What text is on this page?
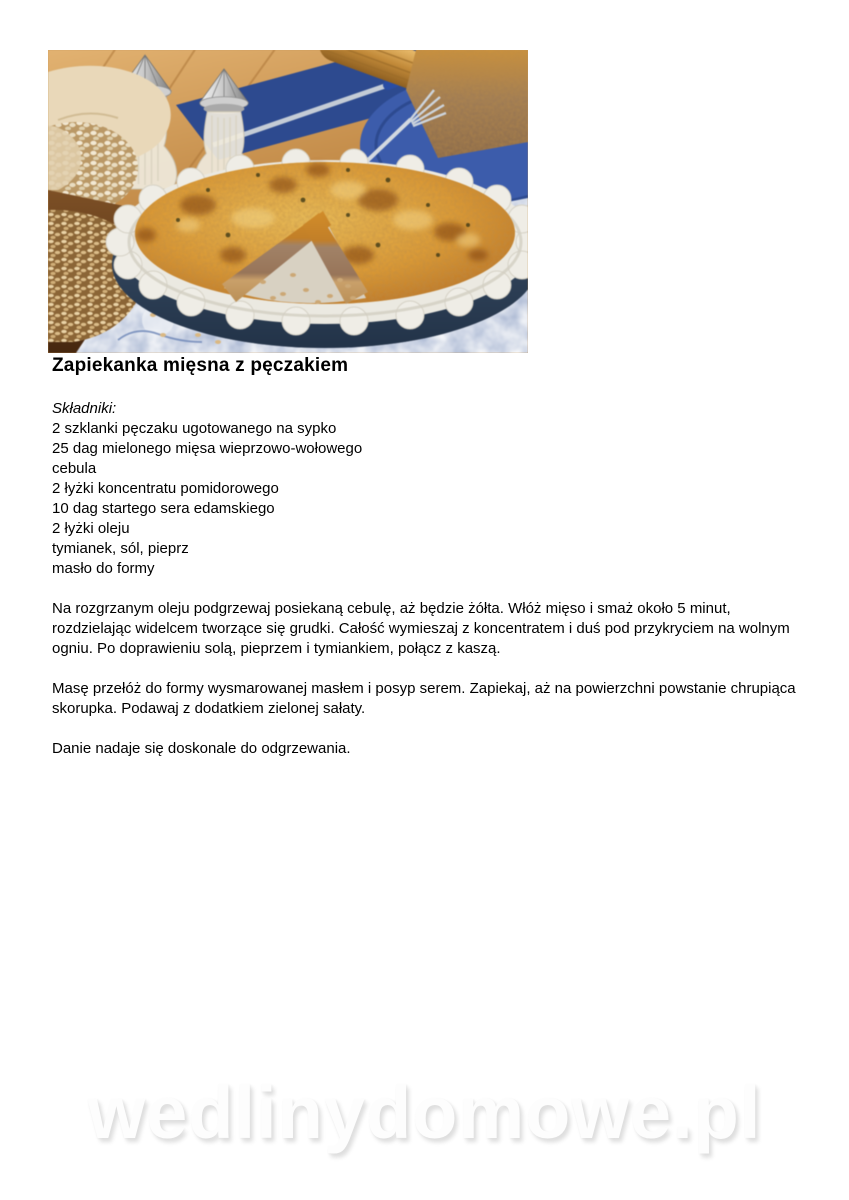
Zapiekanka mięsna z pęczakiem
Składniki:
2 szklanki pęczaku ugotowanego na sypko
25 dag mielonego mięsa wieprzowo-wołowego
cebula
2 łyżki koncentratu pomidorowego
10 dag startego sera edamskiego
2 łyżki oleju
tymianek, sól, pieprz
masło do formy

Na rozgrzanym oleju podgrzewaj posiekaną cebulę, aż będzie żółta. Włóż mięso i smaż około 5 minut, rozdzielając widelcem tworzące się grudki. Całość wymieszaj z koncentratem i duś pod przykryciem na wolnym ogniu. Po doprawieniu solą, pieprzem i tymiankiem, połącz z kaszą.

Masę przełóż do formy wysmarowanej masłem i posyp serem. Zapiekaj, aż na powierzchni powstanie chrupiąca skorupka. Podawaj z dodatkiem zielonej sałaty.

Danie nadaje się doskonale do odgrzewania.

wedlinydomowe.pl
